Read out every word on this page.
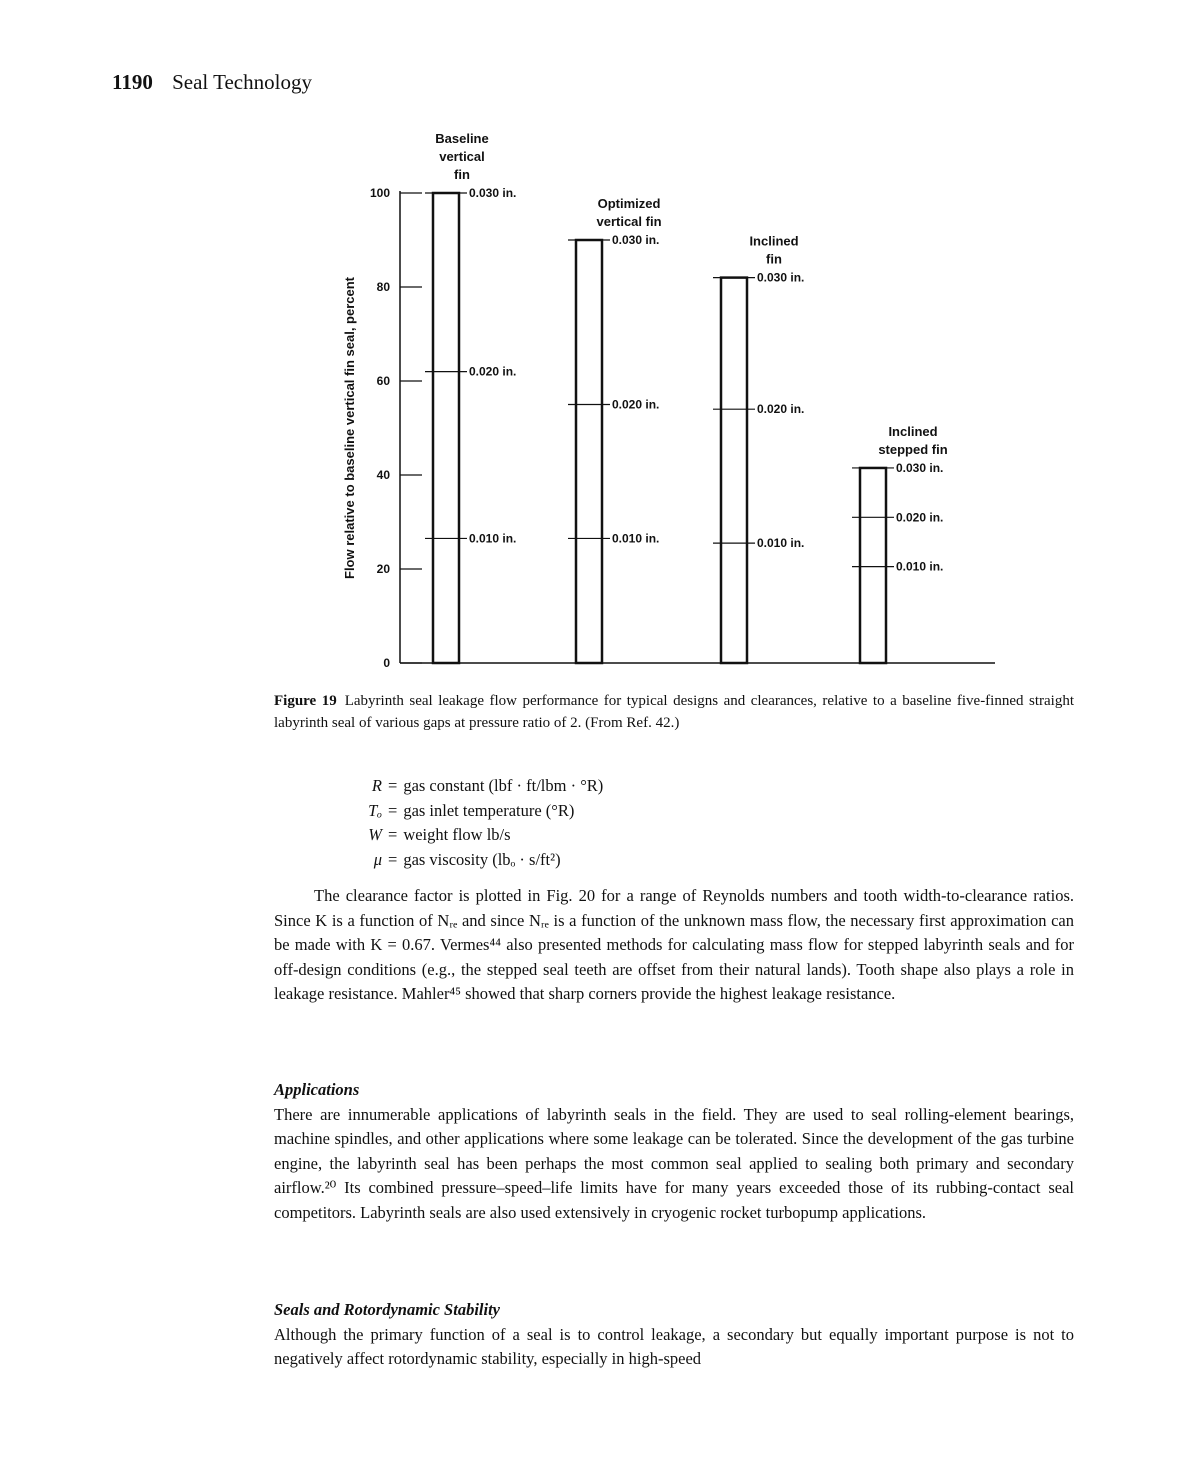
1190 Seal Technology
0
20
40
60
80
100
Flow relative to baseline vertical fin seal, percent
0.030 in.
0.020 in.
0.010 in.
Baseline
vertical
fin
0.030 in.
0.020 in.
0.010 in.
Optimized
vertical fin
0.030 in.
0.020 in.
0.010 in.
Inclined
fin
0.030 in.
0.020 in.
0.010 in.
Inclined
stepped fin
Figure 19 Labyrinth seal leakage flow performance for typical designs and clearances, relative to a baseline five-finned straight labyrinth seal of various gaps at pressure ratio of 2. (From Ref. 42.)
R = gas constant (lbf · ft/lbm · °R)
Tₒ = gas inlet temperature (°R)
W = weight flow lb/s
μ = gas viscosity (lbₒ · s/ft²)

The clearance factor is plotted in Fig. 20 for a range of Reynolds numbers and tooth width-to-clearance ratios. Since K is a function of Nᵣₑ and since Nᵣₑ is a function of the unknown mass flow, the necessary first approximation can be made with K = 0.67. Vermes⁴⁴ also presented methods for calculating mass flow for stepped labyrinth seals and for off-design conditions (e.g., the stepped seal teeth are offset from their natural lands). Tooth shape also plays a role in leakage resistance. Mahler⁴⁵ showed that sharp corners provide the highest leakage resistance.

Applications

There are innumerable applications of labyrinth seals in the field. They are used to seal rolling-element bearings, machine spindles, and other applications where some leakage can be tolerated. Since the development of the gas turbine engine, the labyrinth seal has been perhaps the most common seal applied to sealing both primary and secondary airflow.²⁰ Its combined pressure–speed–life limits have for many years exceeded those of its rubbing-contact seal competitors. Labyrinth seals are also used extensively in cryogenic rocket turbopump applications.

Seals and Rotordynamic Stability

Although the primary function of a seal is to control leakage, a secondary but equally important purpose is not to negatively affect rotordynamic stability, especially in high-speed
